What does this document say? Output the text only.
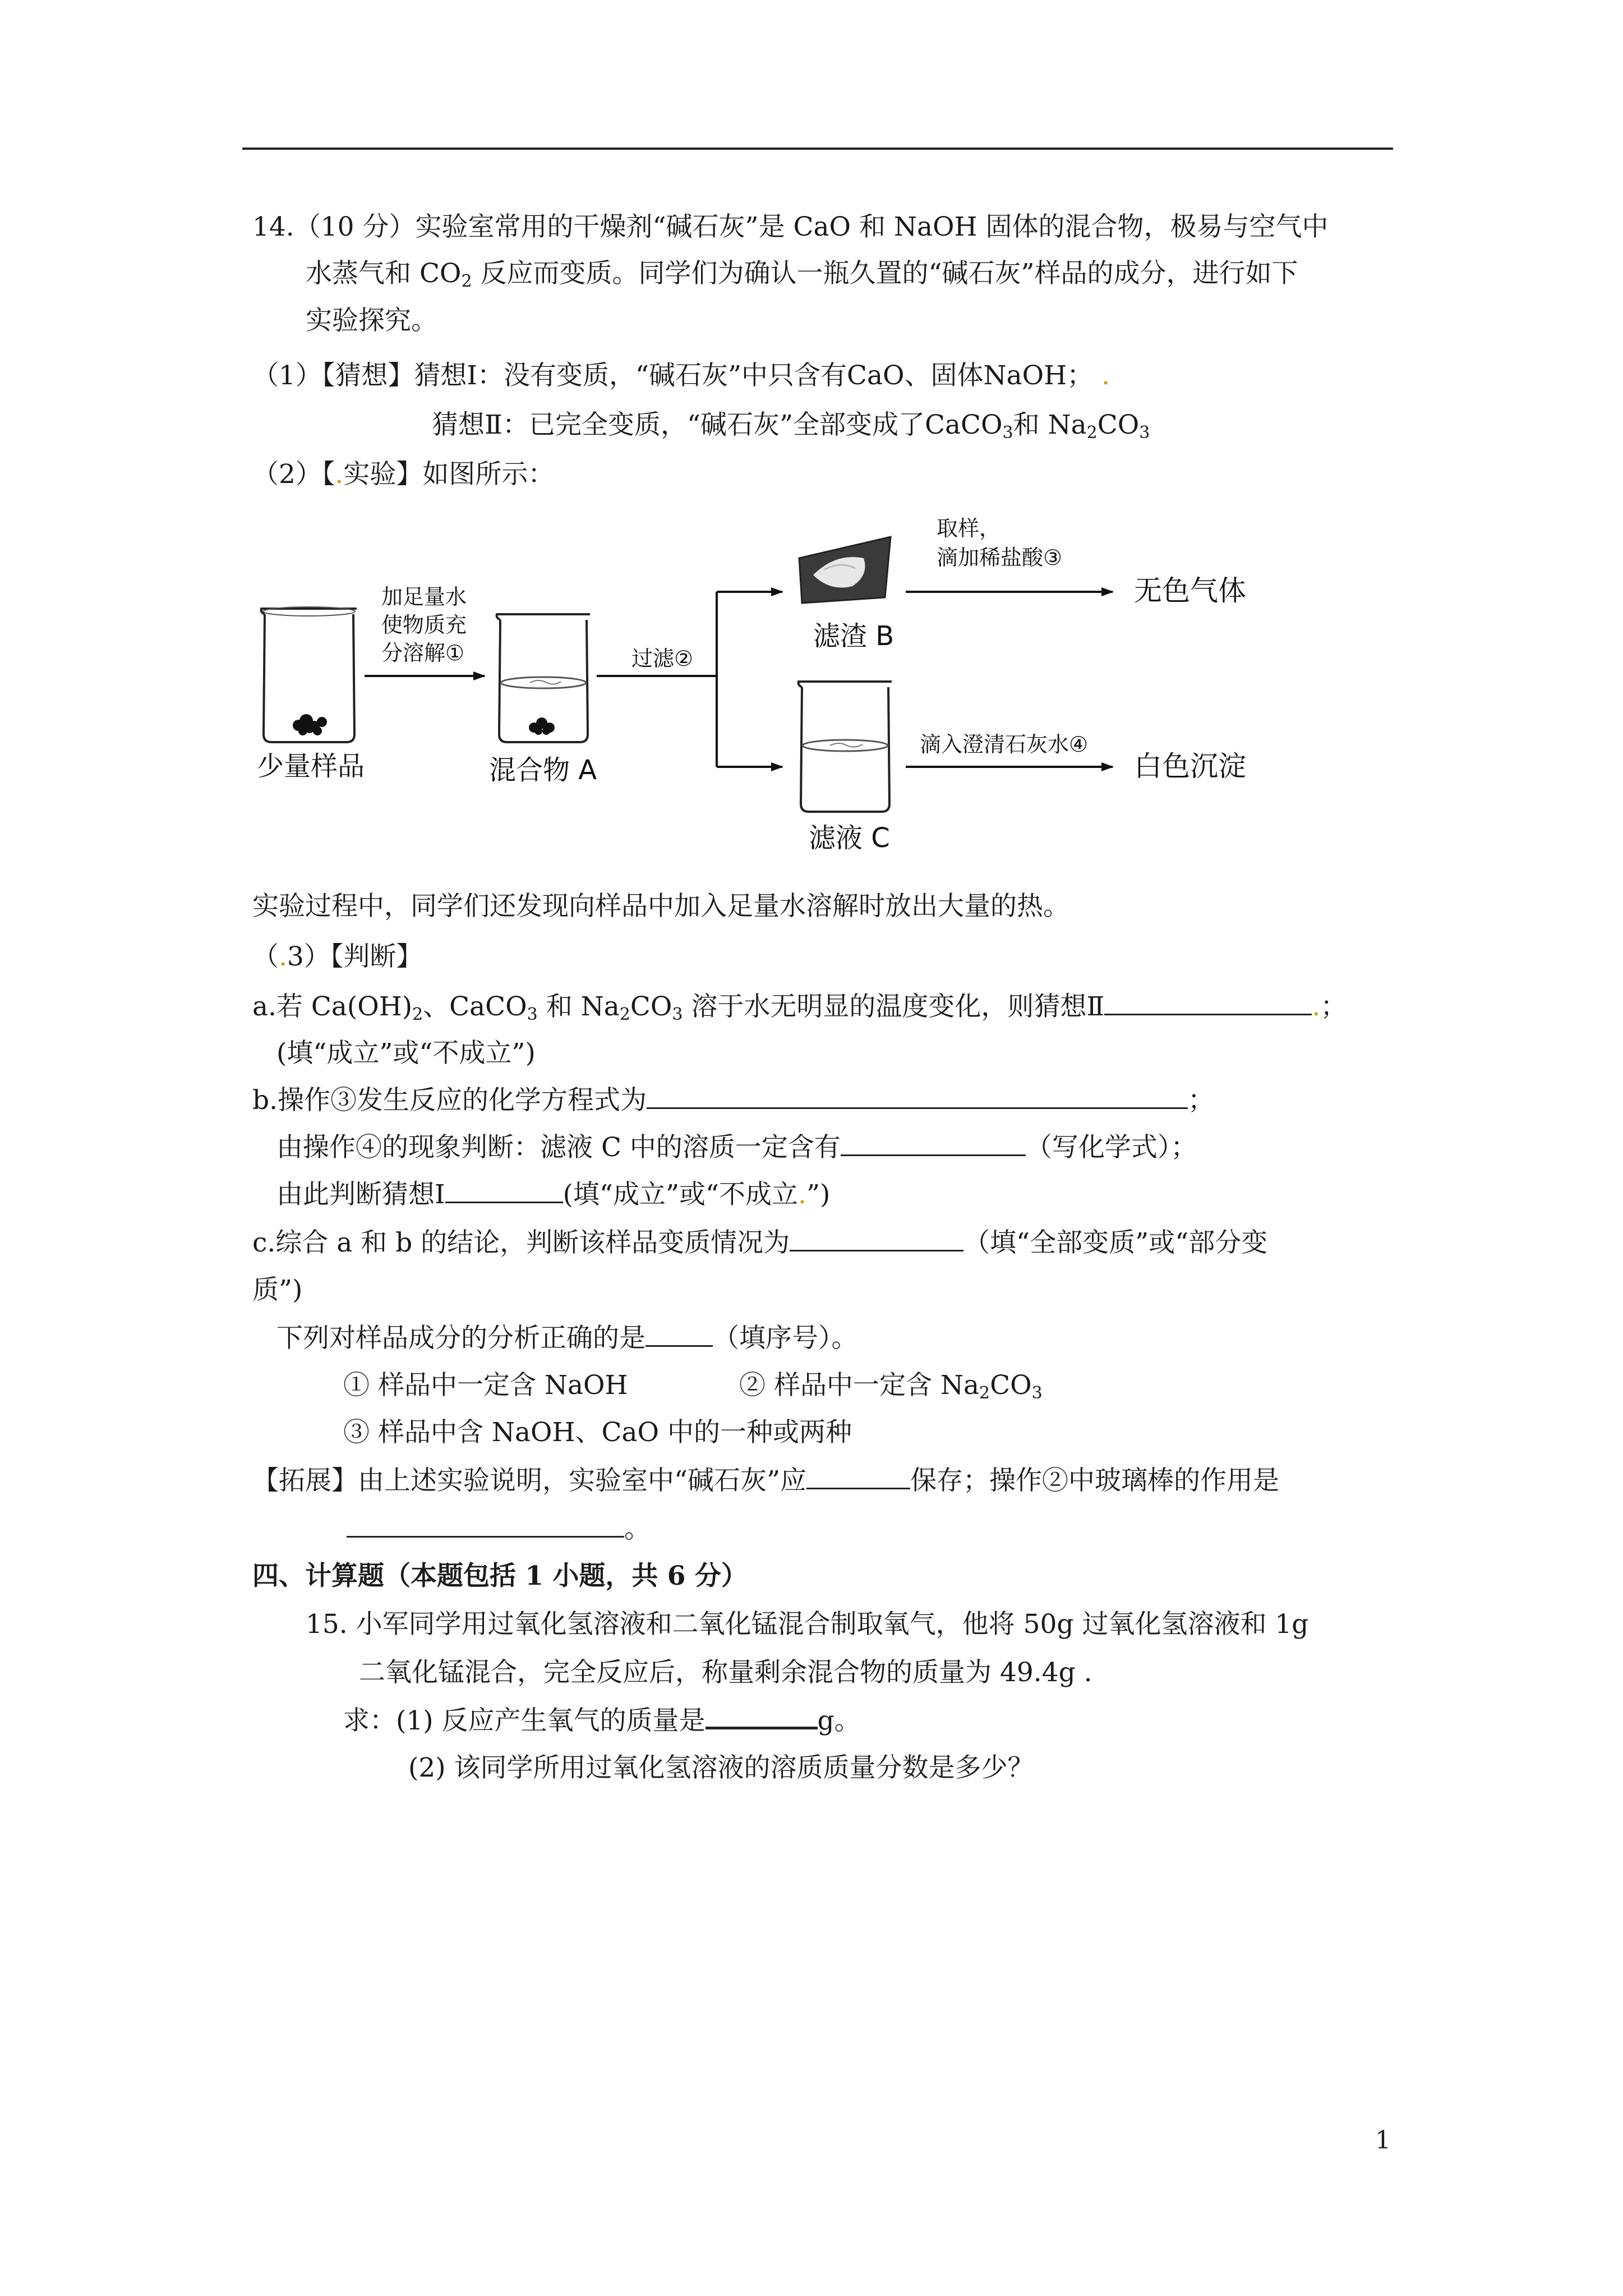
14.（10 分）实验室常用的干燥剂“碱石灰”是 CaO 和 NaOH 固体的混合物，极易与空气中
水蒸气和 $CO_2$ 反应而变质。同学们为确认一瓶久置的“碱石灰”样品的成分，进行如下
实验探究。
（1）【猜想】猜想Ⅰ：没有变质，“碱石灰”中只含有CaO、固体NaOH； .
猜想Ⅱ：已完全变质，“碱石灰”全部变成了CaCO$_3$和 $Na_2CO_3$
（2）【.实验】如图所示：
少量样品
加足量水
使物质充
分溶解①
混合物 A
过滤②
滤渣 B
取样，
滴加稀盐酸③
无色气体
滤液 C
滴入澄清石灰水④
白色沉淀
实验过程中，同学们还发现向样品中加入足量水溶解时放出大量的热。
（.3）【判断】
a.若 $Ca(OH)_2$、CaCO$_3$ 和 $Na_2CO_3$ 溶于水无明显的温度变化，则猜想Ⅱ	.；
(填“成立”或“不成立”)
b.操作③发生反应的化学方程式为	；
由操作④的现象判断：滤液 C 中的溶质一定含有	（写化学式）；
由此判断猜想Ⅰ	(填“成立”或“不成立.”)
c.综合 a 和 b 的结论，判断该样品变质情况为	（填“全部变质”或“部分变
质”)
下列对样品成分的分析正确的是	（填序号）。
① 样品中一定含 NaOH	② 样品中一定含 $Na_2CO_3$
③ 样品中含 NaOH、CaO 中的一种或两种
【拓展】由上述实验说明，实验室中“碱石灰”应	保存；操作②中玻璃棒的作用是
。
四、计算题（本题包括 1 小题，共 6 分）
15. 小军同学用过氧化氢溶液和二氧化锰混合制取氧气，他将 50g 过氧化氢溶液和 1g
二氧化锰混合，完全反应后，称量剩余混合物的质量为 49.4g .
求：(1) 反应产生氧气的质量是	g。
(2) 该同学所用过氧化氢溶液的溶质质量分数是多少？
1
